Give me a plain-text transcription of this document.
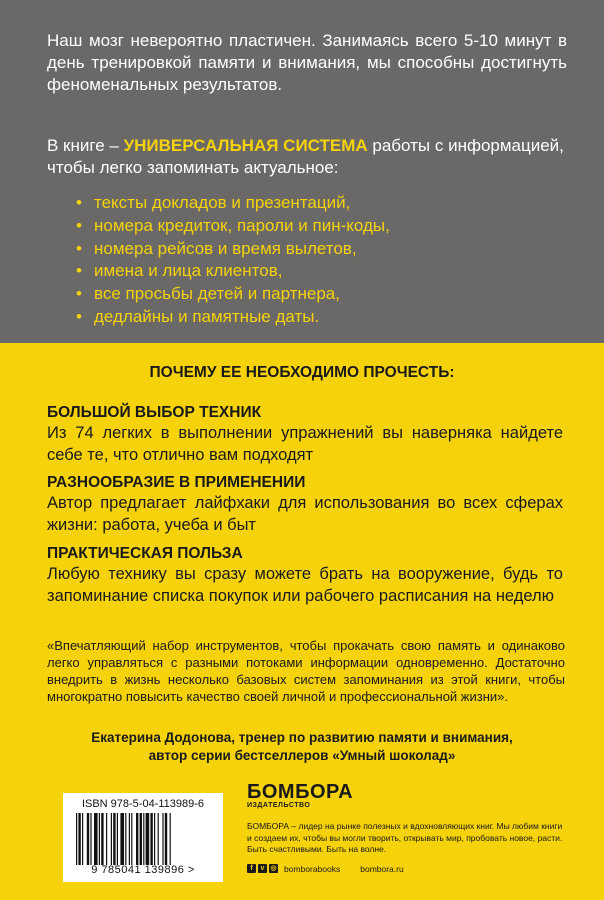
Наш мозг невероятно пластичен. Занимаясь всего 5-10 минут в день тренировкой памяти и внимания, мы способны достигнуть феноменальных результатов.

В книге – УНИВЕРСАЛЬНАЯ СИСТЕМА работы с информацией, чтобы легко запоминать актуальное:

• тексты докладов и презентаций,
• номера кредиток, пароли и пин-коды,
• номера рейсов и время вылетов,
• имена и лица клиентов,
• все просьбы детей и партнера,
• дедлайны и памятные даты.
ПОЧЕМУ ЕЕ НЕОБХОДИМО ПРОЧЕСТЬ:
БОЛЬШОЙ ВЫБОР ТЕХНИК

Из 74 легких в выполнении упражнений вы наверняка найдете себе те, что отлично вам подходят

РАЗНООБРАЗИЕ В ПРИМЕНЕНИИ

Автор предлагает лайфхаки для использования во всех сферах жизни: работа, учеба и быт

ПРАКТИЧЕСКАЯ ПОЛЬЗА

Любую технику вы сразу можете брать на вооружение, будь то запоминание списка покупок или рабочего расписания на неделю

«Впечатляющий набор инструментов, чтобы прокачать свою память и одинаково легко управляться с разными потоками информации одновременно. Достаточно внедрить в жизнь несколько базовых систем запоминания из этой книги, чтобы многократно повысить качество своей личной и профессиональной жизни».

Екатерина Додонова, тренер по развитию памяти и внимания,
автор серии бестселлеров «Умный шоколад»
ISBN 978-5-04-113989-6
9 785041 139896 >
БОМБОРА
ИЗДАТЕЛЬСТВО

БОМБОРА – лидер на рынке полезных и вдохновляющих книг. Мы любим книги и создаем их, чтобы вы могли творить, открывать мир, пробовать новое, расти. Быть счастливыми. Быть на волне.

f	v ◎ bomborabooks bombora.ru
